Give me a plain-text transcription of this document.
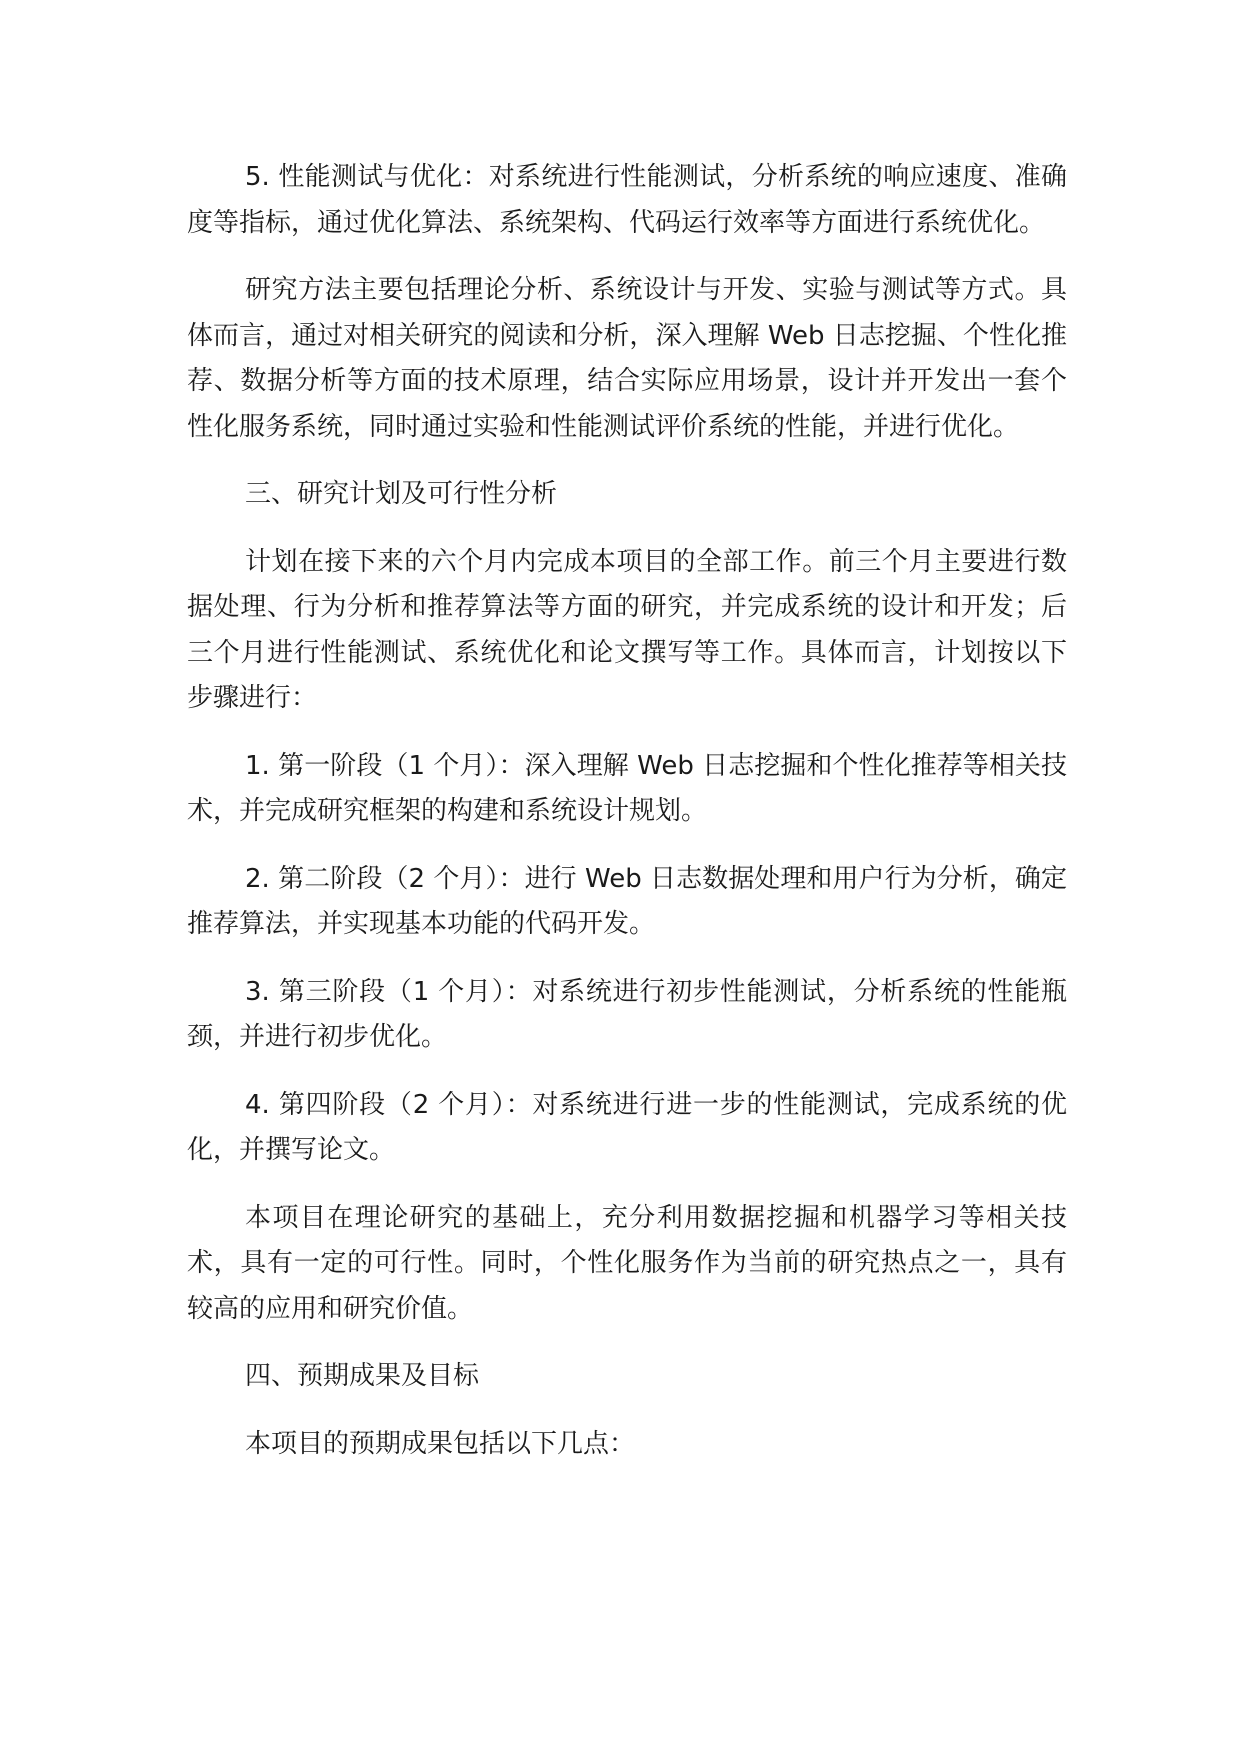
5. 性能测试与优化：对系统进行性能测试，分析系统的响应速度、准确度等指标，通过优化算法、系统架构、代码运行效率等方面进行系统优化。

研究方法主要包括理论分析、系统设计与开发、实验与测试等方式。具体而言，通过对相关研究的阅读和分析，深入理解 Web 日志挖掘、个性化推荐、数据分析等方面的技术原理，结合实际应用场景，设计并开发出一套个性化服务系统，同时通过实验和性能测试评价系统的性能，并进行优化。

三、研究计划及可行性分析

计划在接下来的六个月内完成本项目的全部工作。前三个月主要进行数据处理、行为分析和推荐算法等方面的研究，并完成系统的设计和开发；后三个月进行性能测试、系统优化和论文撰写等工作。具体而言，计划按以下步骤进行：

1. 第一阶段（1 个月）：深入理解 Web 日志挖掘和个性化推荐等相关技术，并完成研究框架的构建和系统设计规划。

2. 第二阶段（2 个月）：进行 Web 日志数据处理和用户行为分析，确定推荐算法，并实现基本功能的代码开发。

3. 第三阶段（1 个月）：对系统进行初步性能测试，分析系统的性能瓶颈，并进行初步优化。

4. 第四阶段（2 个月）：对系统进行进一步的性能测试，完成系统的优化，并撰写论文。

本项目在理论研究的基础上，充分利用数据挖掘和机器学习等相关技术，具有一定的可行性。同时，个性化服务作为当前的研究热点之一，具有较高的应用和研究价值。

四、预期成果及目标

本项目的预期成果包括以下几点：
